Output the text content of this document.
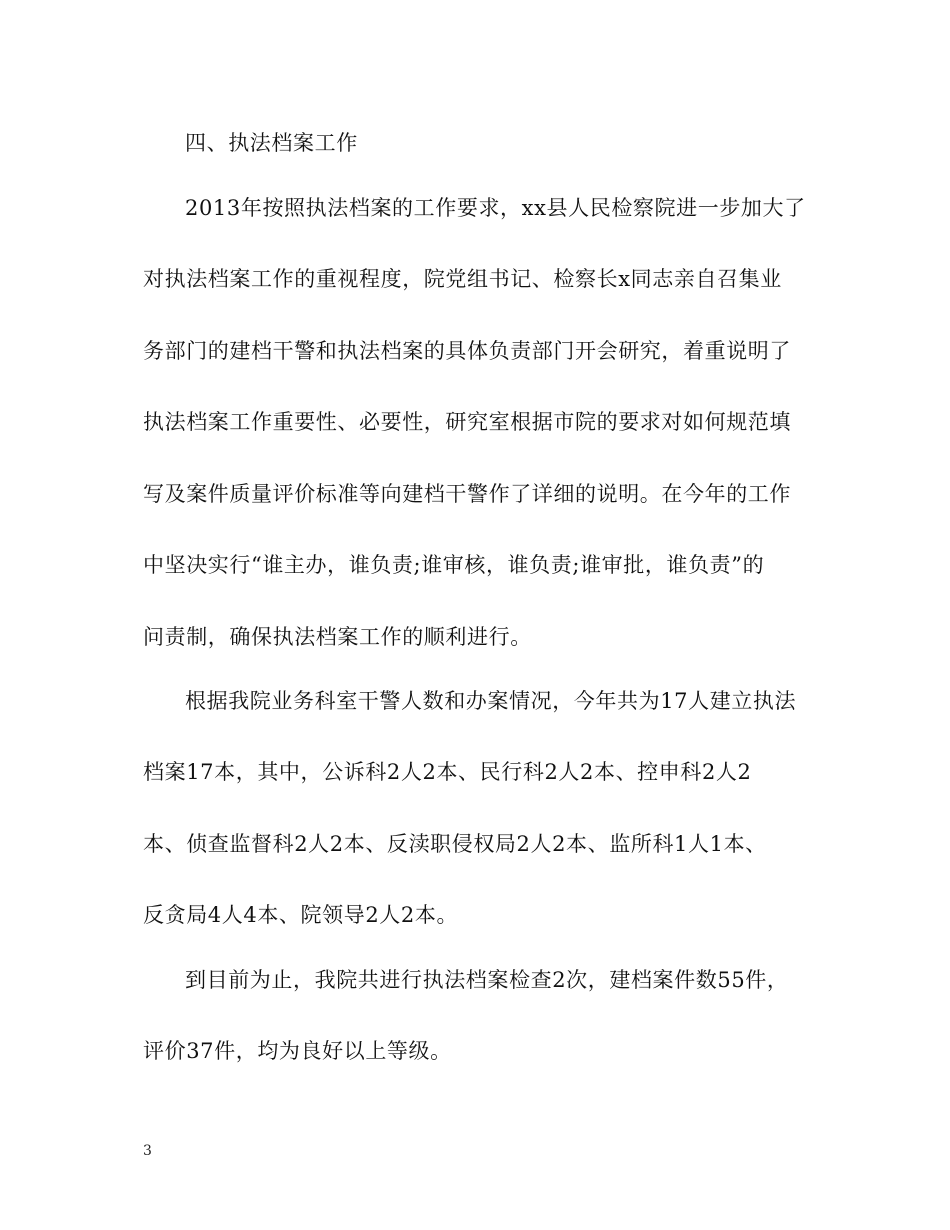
四、执法档案工作
2013年按照执法档案的工作要求，xx县人民检察院进一步加大了
对执法档案工作的重视程度，院党组书记、检察长x同志亲自召集业
务部门的建档干警和执法档案的具体负责部门开会研究，着重说明了
执法档案工作重要性、必要性，研究室根据市院的要求对如何规范填
写及案件质量评价标准等向建档干警作了详细的说明。在今年的工作
中坚决实行“谁主办，谁负责;谁审核，谁负责;谁审批，谁负责”的
问责制，确保执法档案工作的顺利进行。
根据我院业务科室干警人数和办案情况，今年共为17人建立执法
档案17本，其中，公诉科2人2本、民行科2人2本、控申科2人2
本、侦查监督科2人2本、反渎职侵权局2人2本、监所科1人1本、
反贪局4人4本、院领导2人2本。
到目前为止，我院共进行执法档案检查2次，建档案件数55件，
评价37件，均为良好以上等级。
3
